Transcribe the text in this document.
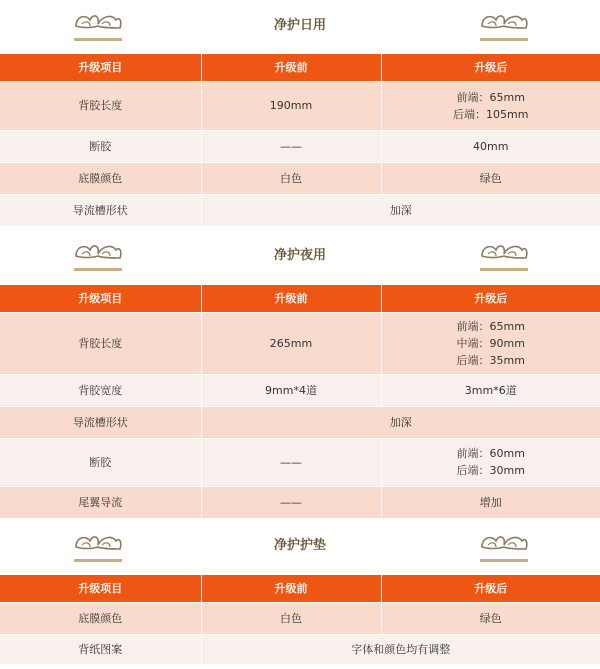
净护日用
升级项目	升级前	升级后
背胶长度	190mm	前端：65mm
后端：105mm

断胶	——	40mm
底膜颜色	白色	绿色
导流槽形状	加深	
净护夜用
升级项目	升级前	升级后
背胶长度	265mm	前端：65mm
中端：90mm
后端：35mm

背胶宽度	9mm*4道	3mm*6道
导流槽形状	加深	
断胶	——	前端：60mm
后端：30mm

尾翼导流	——	增加
净护护垫
升级项目	升级前	升级后
底膜颜色	白色	绿色
背纸图案	字体和颜色均有调整	
